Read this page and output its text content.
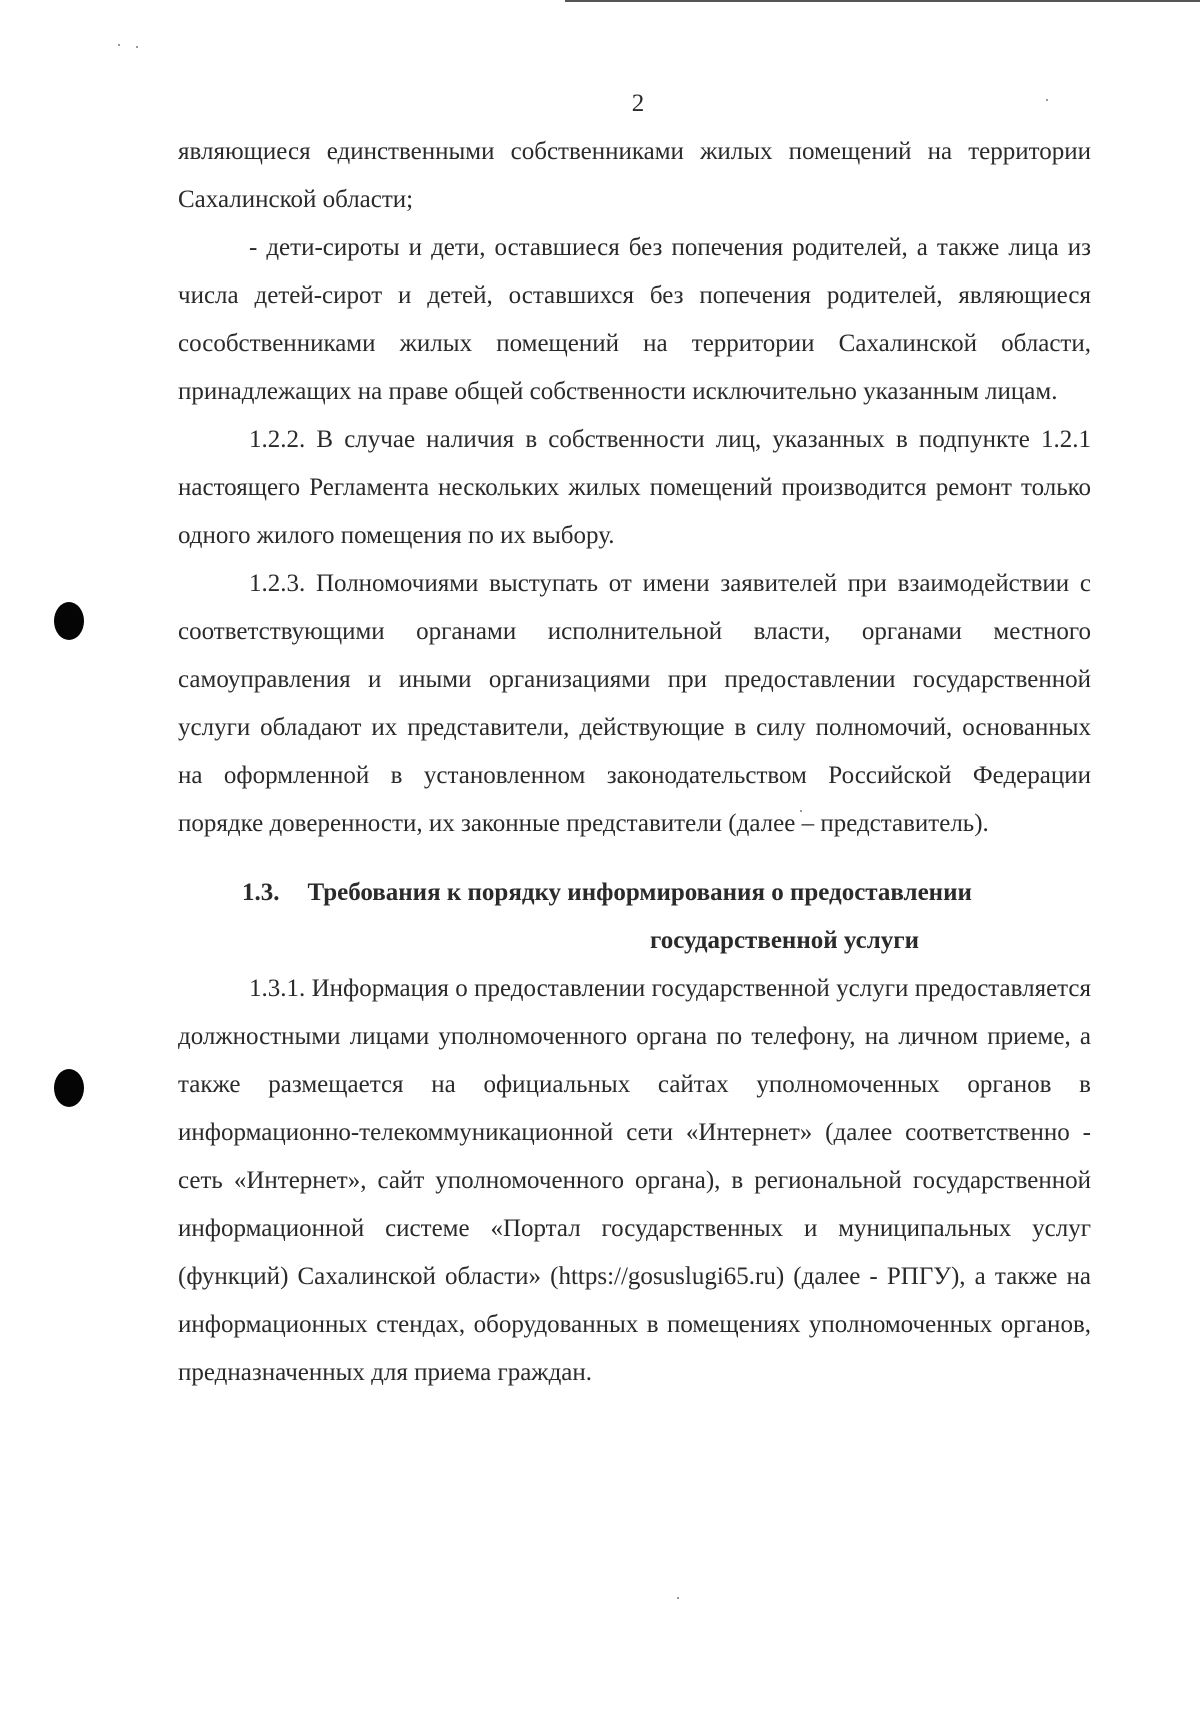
2

являющиеся единственными собственниками жилых помещений на территории Сахалинской области;

- дети-сироты и дети, оставшиеся без попечения родителей, а также лица из числа детей-сирот и детей, оставшихся без попечения родителей, являющиеся сособственниками жилых помещений на территории Сахалинской области, принадлежащих на праве общей собственности исключительно указанным лицам.

1.2.2. В случае наличия в собственности лиц, указанных в подпункте 1.2.1 настоящего Регламента нескольких жилых помещений производится ремонт только одного жилого помещения по их выбору.

1.2.3. Полномочиями выступать от имени заявителей при взаимодействии с соответствующими органами исполнительной власти, органами местного самоуправления и иными организациями при предоставлении государственной услуги обладают их представители, действующие в силу полномочий, основанных на оформленной в установленном законодательством Российской Федерации порядке доверенности, их законные представители (далее – представитель).

1.3. Требования к порядку информирования о предоставлении
государственной услуги

1.3.1. Информация о предоставлении государственной услуги предоставляется должностными лицами уполномоченного органа по телефону, на личном приеме, а также размещается на официальных сайтах уполномоченных органов в информационно-телекоммуникационной сети «Интернет» (далее соответственно - сеть «Интернет», сайт уполномоченного органа), в региональной государственной информационной системе «Портал государственных и муниципальных услуг (функций) Сахалинской области» (https://gosuslugi65.ru) (далее - РПГУ), а также на информационных стендах, оборудованных в помещениях уполномоченных органов, предназначенных для приема граждан.
